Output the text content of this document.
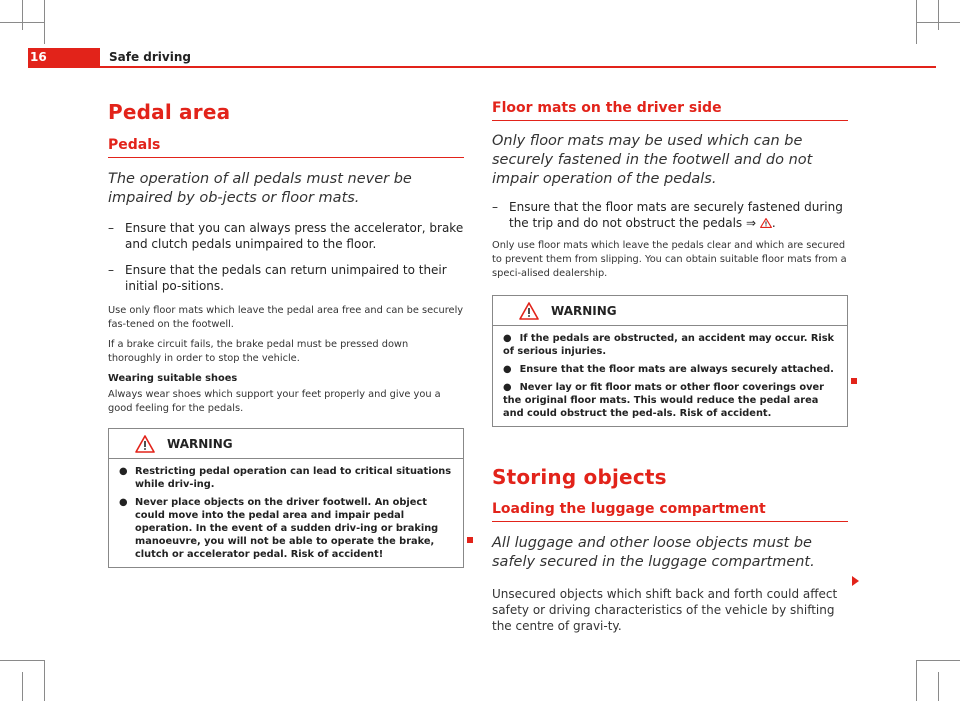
16	Safe driving
Pedal area
Pedals
The operation of all pedals must never be impaired by ob-jects or floor mats.
– Ensure that you can always press the accelerator, brake and clutch pedals unimpaired to the floor.
– Ensure that the pedals can return unimpaired to their initial po-sitions.
Use only floor mats which leave the pedal area free and can be securely fas-tened on the footwell.
If a brake circuit fails, the brake pedal must be pressed down thoroughly in order to stop the vehicle.
Wearing suitable shoes
Always wear shoes which support your feet properly and give you a good feeling for the pedals.
WARNING
● Restricting pedal operation can lead to critical situations while driv-ing.
● Never place objects on the driver footwell. An object could move into the pedal area and impair pedal operation. In the event of a sudden driv-ing or braking manoeuvre, you will not be able to operate the brake, clutch or accelerator pedal. Risk of accident!
Floor mats on the driver side
Only floor mats may be used which can be securely fastened in the footwell and do not impair operation of the pedals.
– Ensure that the floor mats are securely fastened during the trip and do not obstruct the pedals ⇒ .
Only use floor mats which leave the pedals clear and which are secured to prevent them from slipping. You can obtain suitable floor mats from a speci-alised dealership.
WARNING
● If the pedals are obstructed, an accident may occur. Risk of serious injuries.
● Ensure that the floor mats are always securely attached.
● Never lay or fit floor mats or other floor coverings over the original floor mats. This would reduce the pedal area and could obstruct the ped-als. Risk of accident.
Storing objects
Loading the luggage compartment
All luggage and other loose objects must be safely secured in the luggage compartment.
Unsecured objects which shift back and forth could affect safety or driving characteristics of the vehicle by shifting the centre of gravi-ty.
